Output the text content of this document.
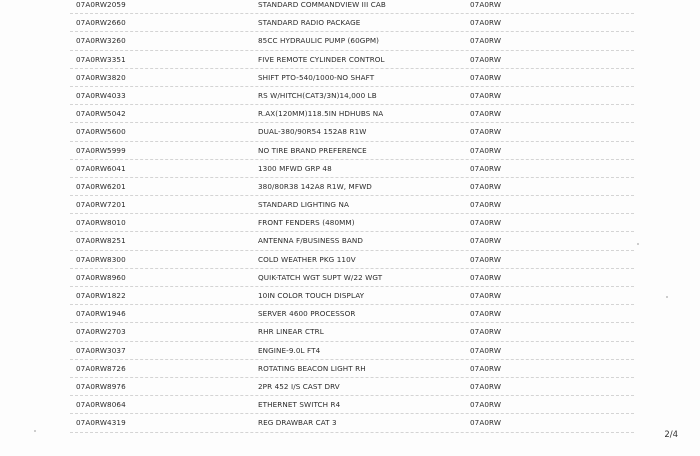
07A0RW2059	STANDARD COMMANDVIEW III CAB	07A0RW
07A0RW2660	STANDARD RADIO PACKAGE	07A0RW
07A0RW3260	85CC HYDRAULIC PUMP (60GPM)	07A0RW
07A0RW3351	FIVE REMOTE CYLINDER CONTROL	07A0RW
07A0RW3820	SHIFT PTO-540/1000-NO SHAFT	07A0RW
07A0RW4033	RS W/HITCH(CAT3/3N)14,000 LB	07A0RW
07A0RW5042	R.AX(120MM)118.5IN HDHUBS NA	07A0RW
07A0RW5600	DUAL-380/90R54 152A8 R1W	07A0RW
07A0RW5999	NO TIRE BRAND PREFERENCE	07A0RW
07A0RW6041	1300 MFWD GRP 48	07A0RW
07A0RW6201	380/80R38 142A8 R1W, MFWD	07A0RW
07A0RW7201	STANDARD LIGHTING NA	07A0RW
07A0RW8010	FRONT FENDERS (480MM)	07A0RW
07A0RW8251	ANTENNA F/BUSINESS BAND	07A0RW
07A0RW8300	COLD WEATHER PKG 110V	07A0RW
07A0RW8960	QUIK-TATCH WGT SUPT W/22 WGT	07A0RW
07A0RW1822	10IN COLOR TOUCH DISPLAY	07A0RW
07A0RW1946	SERVER 4600 PROCESSOR	07A0RW
07A0RW2703	RHR LINEAR CTRL	07A0RW
07A0RW3037	ENGINE-9.0L FT4	07A0RW
07A0RW8726	ROTATING BEACON LIGHT RH	07A0RW
07A0RW8976	2PR 452 I/S CAST DRV	07A0RW
07A0RW8064	ETHERNET SWITCH R4	07A0RW
07A0RW4319	REG DRAWBAR CAT 3	07A0RW
2/4
